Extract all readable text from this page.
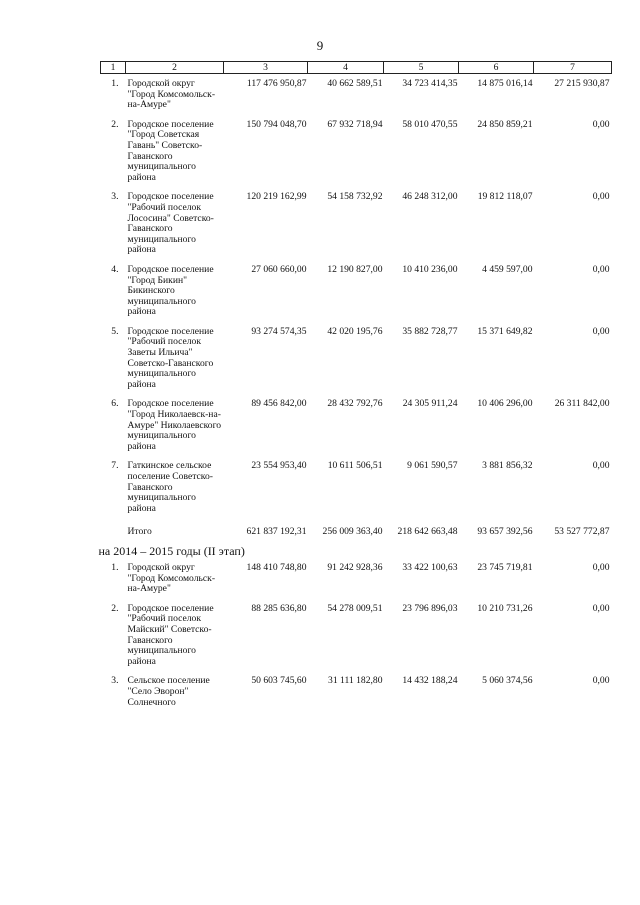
9
1	2	3	4	5	6	7
1.	Городской округ "Город Комсомольск-на-Амуре"	117 476 950,87	40 662 589,51	34 723 414,35	14 875 016,14	27 215 930,87
2.	Городское поселение "Город Советская Гавань" Советско-Гаванского муниципального района	150 794 048,70	67 932 718,94	58 010 470,55	24 850 859,21	0,00
3.	Городское поселение "Рабочий поселок Лососина" Советско-Гаванского муниципального района	120 219 162,99	54 158 732,92	46 248 312,00	19 812 118,07	0,00
4.	Городское поселение "Город Бикин" Бикинского муниципального района	27 060 660,00	12 190 827,00	10 410 236,00	4 459 597,00	0,00
5.	Городское поселение "Рабочий поселок Заветы Ильича" Советско-Гаванского муниципального района	93 274 574,35	42 020 195,76	35 882 728,77	15 371 649,82	0,00
6.	Городское поселение "Город Николаевск-на-Амуре" Николаевского муниципального района	89 456 842,00	28 432 792,76	24 305 911,24	10 406 296,00	26 311 842,00
7.	Гаткинское сельское поселение Советско-Гаванского муниципального района	23 554 953,40	10 611 506,51	9 061 590,57	3 881 856,32	0,00
	Итого	621 837 192,31	256 009 363,40	218 642 663,48	93 657 392,56	53 527 772,87
на 2014 – 2015 годы (II этап)						
1.	Городской округ "Город Комсомольск-на-Амуре"	148 410 748,80	91 242 928,36	33 422 100,63	23 745 719,81	0,00
2.	Городское поселение "Рабочий поселок Майский" Советско-Гаванского муниципального района	88 285 636,80	54 278 009,51	23 796 896,03	10 210 731,26	0,00
3.	Сельское поселение "Село Эворон" Солнечного	50 603 745,60	31 111 182,80	14 432 188,24	5 060 374,56	0,00
